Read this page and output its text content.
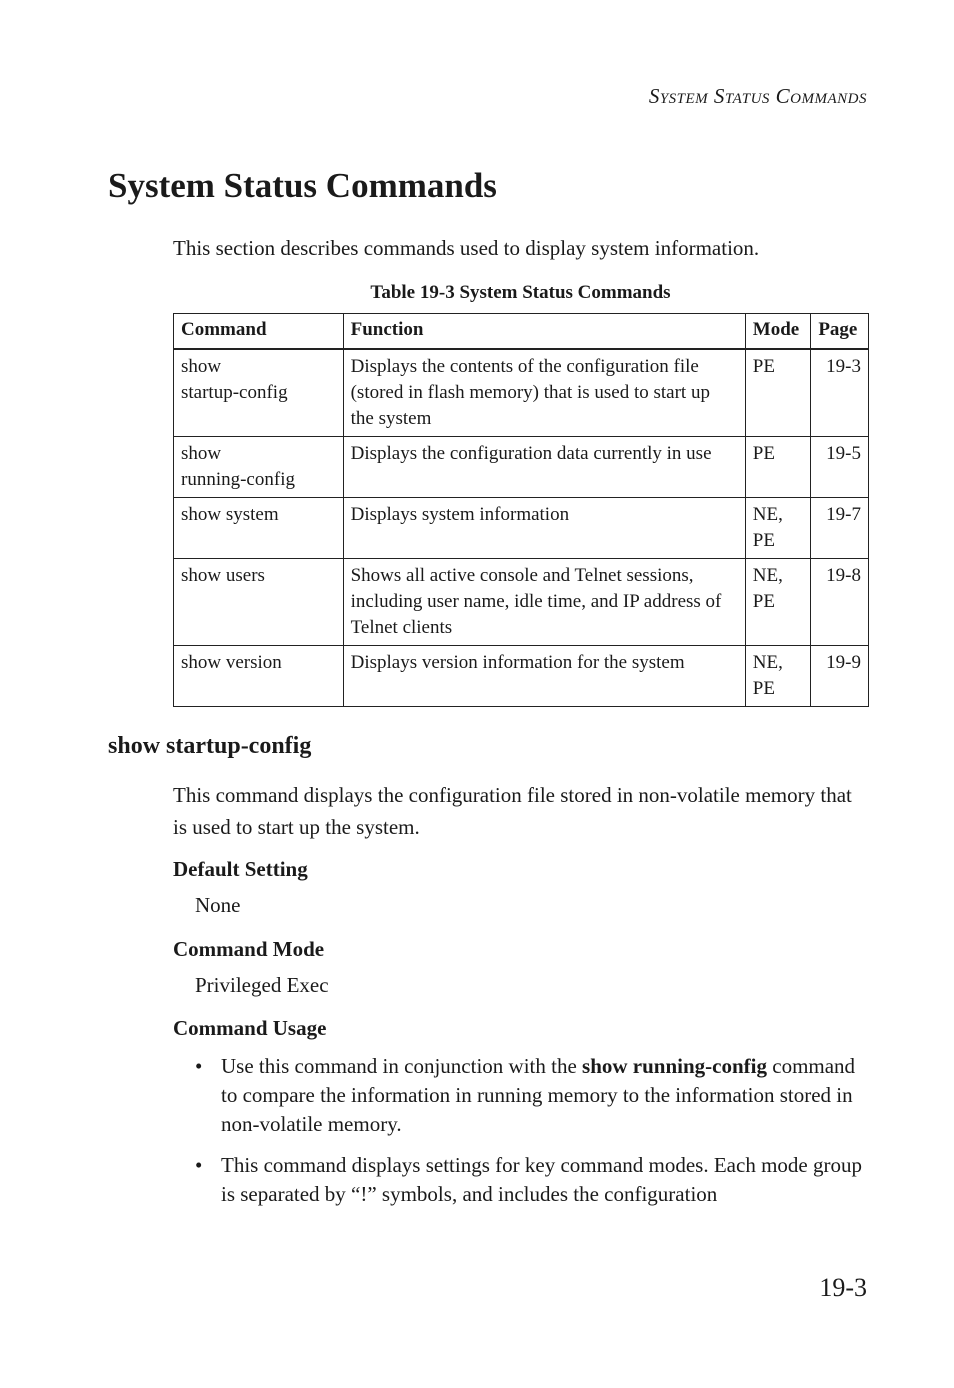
System Status Commands
System Status Commands
This section describes commands used to display system information.
Table 19-3 System Status Commands
Command	Function	Mode	Page
show
startup-config	Displays the contents of the configuration file (stored in flash memory) that is used to start up the system	PE	19-3
show
running-config	Displays the configuration data currently in use	PE	19-5
show system	Displays system information	NE, PE	19-7
show users	Shows all active console and Telnet sessions, including user name, idle time, and IP address of Telnet clients	NE, PE	19-8
show version	Displays version information for the system	NE, PE	19-9
show startup-config
This command displays the configuration file stored in non-volatile memory that is used to start up the system.
Default Setting
None
Command Mode
Privileged Exec
Command Usage
• Use this command in conjunction with the show running-config command to compare the information in running memory to the information stored in non-volatile memory.
• This command displays settings for key command modes. Each mode group is separated by “!” symbols, and includes the configuration
19-3
